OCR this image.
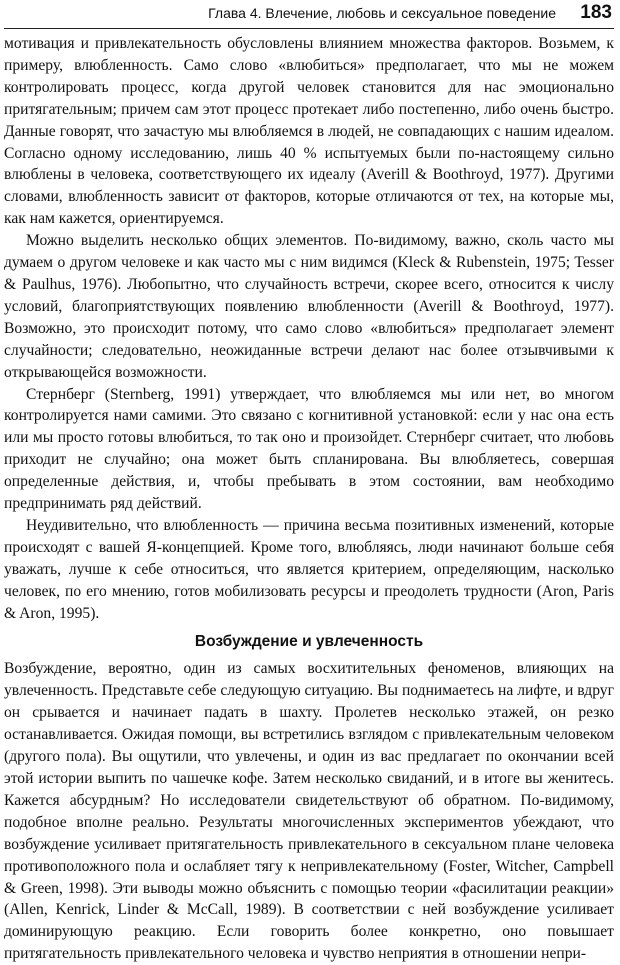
Глава 4. Влечение, любовь и сексуальное поведение 183

мотивация и привлекательность обусловлены влиянием множества факторов. Возьмем, к примеру, влюбленность. Само слово «влюбиться» предполагает, что мы не можем контролировать процесс, когда другой человек становится для нас эмоционально притягательным; причем сам этот процесс протекает либо постепенно, либо очень быстро. Данные говорят, что зачастую мы влюбляемся в людей, не совпадающих с нашим идеалом. Согласно одному исследованию, лишь 40 % испытуемых были по-настоящему сильно влюблены в человека, соответствующего их идеалу (Averill & Boothroyd, 1977). Другими словами, влюбленность зависит от факторов, которые отличаются от тех, на которые мы, как нам кажется, ориентируемся.

Можно выделить несколько общих элементов. По-видимому, важно, сколь часто мы думаем о другом человеке и как часто мы с ним видимся (Kleck & Rubenstein, 1975; Tesser & Paulhus, 1976). Любопытно, что случайность встречи, скорее всего, относится к числу условий, благоприятствующих появлению влюбленности (Averill & Boothroyd, 1977). Возможно, это происходит потому, что само слово «влюбиться» предполагает элемент случайности; следовательно, неожиданные встречи делают нас более отзывчивыми к открывающейся возможности.

Стернберг (Sternberg, 1991) утверждает, что влюбляемся мы или нет, во многом контролируется нами самими. Это связано с когнитивной установкой: если у нас она есть или мы просто готовы влюбиться, то так оно и произойдет. Стернберг считает, что любовь приходит не случайно; она может быть спланирована. Вы влюбляетесь, совершая определенные действия, и, чтобы пребывать в этом состоянии, вам необходимо предпринимать ряд действий.

Неудивительно, что влюбленность — причина весьма позитивных изменений, которые происходят с вашей Я-концепцией. Кроме того, влюбляясь, люди начинают больше себя уважать, лучше к себе относиться, что является критерием, определяющим, насколько человек, по его мнению, готов мобилизовать ресурсы и преодолеть трудности (Aron, Paris & Aron, 1995).

Возбуждение и увлеченность

Возбуждение, вероятно, один из самых восхитительных феноменов, влияющих на увлеченность. Представьте себе следующую ситуацию. Вы поднимаетесь на лифте, и вдруг он срывается и начинает падать в шахту. Пролетев несколько этажей, он резко останавливается. Ожидая помощи, вы встретились взглядом с привлекательным человеком (другого пола). Вы ощутили, что увлечены, и один из вас предлагает по окончании всей этой истории выпить по чашечке кофе. Затем несколько свиданий, и в итоге вы женитесь. Кажется абсурдным? Но исследователи свидетельствуют об обратном. По-видимому, подобное вполне реально. Результаты многочисленных экспериментов убеждают, что возбуждение усиливает притягательность привлекательного в сексуальном плане человека противоположного пола и ослабляет тягу к непривлекательному (Foster, Witcher, Campbell & Green, 1998). Эти выводы можно объяснить с помощью теории «фасилитации реакции» (Allen, Kenrick, Linder & McCall, 1989). В соответствии с ней возбуждение усиливает доминирующую реакцию. Если говорить более конкретно, оно повышает притягательность привлекательного человека и чувство неприятия в отношении непри-
